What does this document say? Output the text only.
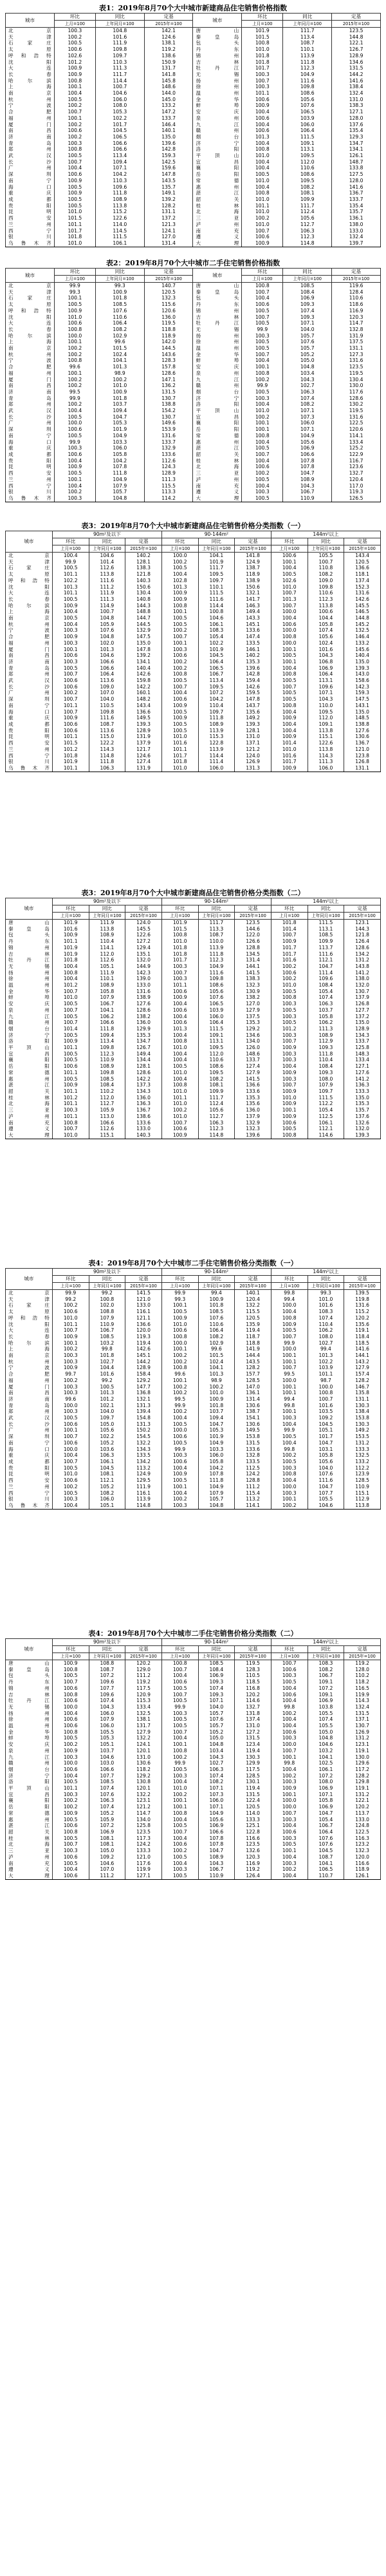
表1：2019年8月70个大中城市新建商品住宅销售价格指数
城市	环比	同比	定基	城市	环比	同比	定基
	上月=100	上年同月=100	2015年=100		上月=100	上年同月=100	2015年=100
北　京	100.3	104.8	142.1	唐　山	101.9	111.7	123.5
天　津	100.2	101.6	124.6	秦皇岛	101.5	113.4	144.8
石家庄	100.5	111.9	138.1	包　头	100.8	108.7	122.1
太　原	100.6	109.8	119.2	丹　东	101.0	110.1	126.7
呼和浩特	102.6	109.7	138.6	锦　州	101.8	113.9	128.9
沈　阳	101.2	110.3	150.9	吉　林	101.8	111.8	134.6
大　连	100.9	111.3	131.7	牡丹江	101.7	112.3	131.5
长　春	100.9	111.7	141.8	无　锡	100.3	104.9	144.2
哈尔滨	100.8	114.4	145.8	扬　州	100.7	111.6	141.6
上　海	100.1	100.7	148.6	徐　州	100.3	109.8	138.4
南　京	100.4	104.6	144.0	温　州	101.1	108.6	132.4
杭　州	100.5	106.0	145.0	金　华	100.6	105.6	131.0
宁　波	100.2	108.0	133.2	蚌　埠	100.9	107.6	138.3
合　肥	100.7	105.3	147.2	安　庆	100.4	106.5	127.1
福　州	100.1	102.2	133.7	泉　州	100.6	103.9	128.0
厦　门	100.2	101.7	146.4	九　江	100.4	106.0	137.6
南　昌	100.6	104.5	140.1	赣　州	100.6	106.4	135.4
济　南	100.2	106.5	135.0	烟　台	101.3	111.5	129.3
青　岛	100.3	106.6	139.6	济　宁	100.4	109.1	134.7
郑　州	100.8	106.6	142.8	洛　阳	100.8	113.1	134.1
武　汉	100.5	113.4	159.3	平顶山	101.0	109.5	126.1
长　沙	100.7	109.4	142.5	宜　昌	100.4	112.0	148.7
广　州	100.4	107.1	159.6	襄　阳	100.4	110.6	133.8
深　圳	100.6	104.2	147.8	岳　阳	100.5	108.6	127.5
南　宁	100.9	110.3	143.5	常　德	101.0	109.5	128.0
海　口	100.5	109.6	135.7	惠　州	100.4	108.2	141.6
重　庆	100.9	111.8	149.1	湛　江	100.8	108.1	136.7
成　都	100.5	108.9	139.2	韶　关	101.0	109.9	133.7
贵　阳	100.5	113.8	128.2	桂　林	101.1	111.7	135.4
昆　明	101.0	115.2	131.1	北　海	101.0	112.4	135.7
西　安	101.5	122.6	137.2	三　亚	100.2	105.6	136.1
兰　州	101.1	114.0	121.3	泸　州	101.0	112.7	138.0
西　宁	101.7	114.5	124.1	南　充	100.7	106.3	133.0
银　川	101.8	111.5	127.0	遵　义	100.6	112.3	132.4
乌鲁木齐	101.0	106.1	131.4	大　理	100.9	114.8	139.7
表2：2019年8月70个大中城市二手住宅销售价格指数
城市	环比	同比	定基	城市	环比	同比	定基
	上月=100	上年同月=100	2015年=100		上月=100	上年同月=100	2015年=100
北　京	99.9	99.3	140.7	唐　山	100.8	108.5	119.6
天　津	99.3	100.9	120.5	秦皇岛	100.7	108.4	128.4
石家庄	100.1	101.8	132.3	包　头	100.4	106.9	110.6
太　原	100.5	108.5	115.6	丹　东	100.6	109.3	118.6
呼和浩特	100.9	107.6	120.6	锦　州	100.5	107.4	116.9
沈　阳	101.0	110.6	136.0	吉　林	100.7	109.3	120.3
大　连	100.6	106.4	119.5	牡丹江	100.5	107.1	114.7
长　春	100.8	108.2	118.8	无　锡	99.9	104.0	132.8
哈尔滨	100.0	102.9	118.9	扬　州	100.3	105.7	131.9
上　海	100.1	99.6	142.0	徐　州	100.5	107.6	137.5
南　京	100.2	101.5	144.5	温　州	100.5	105.7	131.1
杭　州	100.2	102.4	143.6	金　华	100.7	105.2	127.3
宁　波	100.8	104.1	128.3	蚌　埠	100.4	105.0	131.6
合　肥	99.6	101.3	157.8	安　庆	100.1	104.8	123.5
福　州	100.1	98.9	128.6	泉　州	100.8	103.4	119.5
厦　门	100.2	100.2	147.1	九　江	100.2	104.3	130.4
南　昌	100.2	101.0	136.2	赣　州	99.9	102.7	130.0
济　南	99.5	100.9	131.5	烟　台	100.5	106.3	117.6
青　岛	99.9	101.8	130.7	济　宁	100.3	107.4	128.6
郑　州	100.2	103.7	138.8	洛　阳	100.4	108.2	130.2
武　汉	100.4	109.4	154.2	平顶山	101.0	107.1	119.5
长　沙	100.5	104.7	130.7	宜　昌	100.2	107.3	131.6
广　州	100.0	105.3	149.6	襄　阳	100.1	106.0	122.5
深　圳	100.6	101.9	153.9	岳　阳	100.1	107.1	120.6
南　宁	100.5	104.9	131.6	常　德	100.8	104.9	114.1
海　口	99.9	103.3	133.7	惠　州	100.4	105.6	133.4
重　庆	100.3	106.0	132.9	湛　江	100.5	106.9	125.2
成　都	100.6	105.8	133.6	韶　关	100.7	106.6	122.9
贵　阳	100.4	104.2	112.6	桂　林	100.4	107.8	116.7
昆　明	100.9	107.8	124.3	北　海	100.6	107.8	123.6
西　安	100.5	111.8	128.9	三　亚	100.2	104.7	132.7
兰　州	100.1	104.9	111.3	泸　州	100.5	108.9	120.4
西　宁	100.4	107.9	115.5	南　充	100.4	104.3	117.0
银　川	100.2	105.7	113.3	遵　义	100.3	106.7	119.3
乌鲁木齐	100.3	104.8	114.2	大　理	100.5	110.9	126.5
表3：2019年8月70个大中城市新建商品住宅销售价格分类指数（一）
城市	90m²及以下			90-144m²			144m²以上		
	环比	同比	定基	环比	同比	定基	环比	同比	定基
	上月=100	上年同月=100	2015年=100	上月=100	上年同月=100	2015年=100	上月=100	上年同月=100	2015年=100
北　京	100.4	104.6	140.2	100.0	104.1	141.8	100.6	105.5	143.4
天　津	99.9	101.4	128.1	100.2	101.9	124.9	100.1	100.7	120.5
石家庄	100.5	112.6	138.3	100.5	111.7	138.7	100.4	110.8	136.6
太　原	101.1	113.8	121.8	100.4	109.5	118.9	100.5	108.2	118.1
呼和浩特	102.2	111.6	140.3	102.8	109.7	138.9	102.6	109.0	137.4
沈　阳	101.3	111.2	150.6	101.3	110.1	150.6	101.0	109.8	152.3
大　连	101.1	111.9	130.4	100.9	111.5	132.1	100.7	110.6	131.6
长　春	100.5	111.3	140.8	100.9	111.6	141.7	101.3	112.3	142.6
哈尔滨	100.9	114.9	144.3	100.8	114.4	146.3	100.7	113.8	145.5
上　海	100.4	100.7	148.8	100.1	100.8	149.4	100.0	100.6	146.5
南　京	100.5	104.8	144.7	100.5	104.6	143.3	100.4	104.4	144.8
杭　州	100.4	105.9	144.5	100.5	106.1	145.1	100.6	105.8	145.2
宁　波	100.3	107.6	132.9	100.2	108.3	133.6	100.0	107.4	132.5
合　肥	100.9	104.8	147.5	100.7	105.4	147.4	100.8	105.6	146.4
福　州	100.3	102.0	135.0	100.1	102.2	133.5	100.0	102.4	133.2
厦　门	100.1	101.3	147.8	100.3	101.9	146.1	100.1	101.6	145.6
南　昌	100.6	104.6	139.2	100.6	104.5	140.2	100.5	104.3	140.4
济　南	100.3	106.6	134.1	100.2	106.4	135.3	100.1	106.8	135.0
青　岛	100.5	106.6	140.4	100.2	106.5	139.6	100.4	106.9	139.3
郑　州	100.7	106.4	142.6	100.8	106.7	142.8	100.8	106.4	143.0
武　汉	100.6	113.6	159.8	100.5	113.4	159.4	100.5	113.1	158.6
长　沙	100.6	109.0	142.2	100.7	109.5	142.6	100.7	109.6	142.3
广　州	100.2	107.0	160.1	100.4	107.2	159.5	100.5	107.1	159.3
深　圳	100.7	104.0	148.2	100.6	104.2	147.8	100.5	104.3	147.5
南　宁	101.1	110.5	143.4	100.9	110.4	143.7	100.8	110.0	143.1
海　口	100.7	109.8	136.6	100.5	109.7	135.6	100.4	109.5	135.0
重　庆	100.9	111.6	149.5	100.9	111.8	149.2	100.9	112.0	148.5
成　都	100.6	108.7	139.3	100.5	108.9	139.3	100.4	109.1	138.8
贵　阳	100.6	113.6	128.9	100.5	113.9	128.1	100.4	113.8	127.6
昆　明	101.1	115.0	131.9	101.0	115.3	131.0	100.9	115.1	130.6
西　安	101.5	122.2	137.9	101.6	122.8	137.1	101.4	122.6	136.7
兰　州	101.2	114.3	121.7	101.1	113.9	121.2	101.0	113.8	121.0
西　宁	101.8	114.8	124.6	101.7	114.4	124.0	101.6	114.3	123.8
银　川	101.9	111.8	127.4	101.8	111.4	126.9	101.7	111.3	126.8
乌鲁木齐	101.1	106.3	131.9	101.0	106.0	131.3	100.9	106.0	131.1
表3：2019年8月70个大中城市新建商品住宅销售价格分类指数（二）
城市	90m²及以下			90-144m²			144m²以上		
	环比	同比	定基	环比	同比	定基	环比	同比	定基
	上月=100	上年同月=100	2015年=100	上月=100	上年同月=100	2015年=100	上月=100	上年同月=100	2015年=100
唐　山	101.9	111.9	124.0	101.9	111.7	123.5	101.8	111.5	123.1
秦皇岛	101.6	113.8	145.5	101.5	113.3	144.6	101.4	113.1	144.3
包　头	100.9	108.9	122.6	100.8	108.7	122.0	100.7	108.5	121.8
丹　东	101.1	110.4	127.2	101.0	110.0	126.6	100.9	109.9	126.4
锦　州	101.9	114.1	129.4	101.8	113.9	128.8	101.7	113.7	128.6
吉　林	101.9	112.0	135.1	101.8	111.8	134.5	101.7	111.6	134.2
牡丹江	101.8	112.6	132.0	101.7	112.3	131.4	101.6	112.1	131.2
无　锡	100.4	105.1	144.9	100.3	104.9	144.1	100.2	104.7	143.8
扬　州	100.8	111.9	142.3	100.7	111.6	141.5	100.6	111.4	141.2
徐　州	100.4	110.1	139.0	100.3	109.8	138.3	100.2	109.6	138.0
温　州	101.2	108.9	133.0	101.1	108.6	132.3	101.0	108.4	132.0
金　华	100.7	105.8	131.6	100.6	105.6	130.9	100.5	105.4	130.7
蚌　埠	101.0	107.9	138.9	100.9	107.6	138.2	100.8	107.4	137.9
安　庆	100.5	106.7	127.6	100.4	106.5	127.0	100.3	106.3	126.8
泉　州	100.7	104.1	128.6	100.6	103.9	127.9	100.5	103.7	127.7
九　江	100.5	106.2	138.2	100.4	106.0	137.5	100.3	105.8	137.2
赣　州	100.7	106.6	136.0	100.6	106.4	135.3	100.5	106.2	135.0
烟　台	101.4	111.8	129.9	101.3	111.5	129.2	101.2	111.3	128.9
济　宁	100.5	109.4	135.3	100.4	109.1	134.6	100.3	108.9	134.3
洛　阳	100.9	113.4	134.7	100.8	113.1	134.0	100.7	112.9	133.7
平顶山	101.1	109.8	126.7	101.0	109.5	126.0	100.9	109.3	125.8
宜　昌	100.5	112.3	149.4	100.4	112.0	148.6	100.3	111.8	148.3
襄　阳	100.5	110.9	134.4	100.4	110.6	133.7	100.3	110.4	133.4
岳　阳	100.6	108.9	128.1	100.5	108.6	127.4	100.4	108.4	127.1
常　德	101.1	109.8	128.6	101.0	109.5	127.9	100.9	109.3	127.6
惠　州	100.5	108.5	142.2	100.4	108.2	141.5	100.3	108.0	141.2
湛　江	100.9	108.4	137.3	100.8	108.1	136.6	100.7	107.9	136.3
韶　关	101.1	110.2	134.3	101.0	109.9	133.6	100.9	109.7	133.3
桂　林	101.2	112.0	136.0	101.1	111.7	135.3	101.0	111.5	135.0
北　海	101.1	112.7	136.3	101.0	112.4	135.6	100.9	112.2	135.3
三　亚	100.3	105.9	136.7	100.2	105.6	136.0	100.1	105.4	135.7
泸　州	101.1	113.0	138.6	101.0	112.7	137.9	100.9	112.5	137.6
南　充	100.8	106.6	133.6	100.7	106.3	132.9	100.6	106.1	132.6
遵　义	100.7	112.6	133.0	100.6	112.3	132.3	100.5	112.1	132.0
大　理	101.0	115.1	140.3	100.9	114.8	139.6	100.8	114.6	139.3
表4：2019年8月70个大中城市二手住宅销售价格分类指数（一）
城市	90m²及以下			90-144m²			144m²以上		
	环比	同比	定基	环比	同比	定基	环比	同比	定基
	上月=100	上年同月=100	2015年=100	上月=100	上年同月=100	2015年=100	上月=100	上年同月=100	2015年=100
北　京	99.9	99.2	141.5	99.9	99.4	140.1	99.8	99.3	139.5
天　津	99.2	100.8	121.0	99.3	100.9	120.4	99.4	101.0	119.8
石家庄	100.2	102.0	133.0	100.1	101.8	132.2	100.0	101.6	131.6
太　原	100.6	108.8	116.1	100.5	108.5	115.5	100.4	108.3	115.2
呼和浩特	101.0	107.9	121.1	100.9	107.6	120.5	100.8	107.4	120.2
沈　阳	101.1	110.9	136.6	101.0	110.6	135.9	100.9	110.4	135.6
大　连	100.7	106.7	120.0	100.6	106.4	119.4	100.5	106.2	119.1
长　春	100.9	108.5	119.3	100.8	108.2	118.7	100.7	108.0	118.4
哈尔滨	100.1	103.2	119.4	100.0	102.9	118.8	99.9	102.7	118.5
上　海	100.2	99.8	142.6	100.1	99.6	141.9	100.0	99.4	141.6
南　京	100.3	101.8	145.1	100.2	101.5	144.4	100.1	101.3	144.1
杭　州	100.3	102.7	144.2	100.2	102.4	143.5	100.1	102.2	143.2
宁　波	100.9	104.4	128.9	100.8	104.1	128.2	100.7	103.9	127.9
合　肥	99.7	101.6	158.4	99.6	101.3	157.7	99.5	101.1	157.4
福　州	100.2	99.2	129.2	100.1	98.9	128.5	100.0	98.7	128.2
厦　门	100.3	100.5	147.7	100.2	100.2	147.0	100.1	100.0	146.7
南　昌	100.3	101.3	136.8	100.2	101.0	136.1	100.1	100.8	135.8
济　南	99.6	101.2	132.1	99.5	100.9	131.4	99.4	100.7	131.1
青　岛	100.0	102.1	131.3	99.9	101.8	130.6	99.8	101.6	130.3
郑　州	100.3	104.0	139.4	100.2	103.7	138.7	100.1	103.5	138.4
武　汉	100.5	109.7	154.8	100.4	109.4	154.1	100.3	109.2	153.8
长　沙	100.6	105.0	131.3	100.5	104.7	130.6	100.4	104.5	130.3
广　州	100.1	105.6	150.2	100.0	105.3	149.5	99.9	105.1	149.2
深　圳	100.7	102.2	154.5	100.6	101.9	153.8	100.5	101.7	153.5
南　宁	100.6	105.2	132.2	100.5	104.9	131.5	100.4	104.7	131.2
海　口	100.0	103.6	134.3	99.9	103.3	133.6	99.8	103.1	133.3
重　庆	100.4	106.3	133.5	100.3	106.0	132.8	100.2	105.8	132.5
成　都	100.7	106.1	134.2	100.6	105.8	133.5	100.5	105.6	133.2
贵　阳	100.5	104.5	113.2	100.4	104.2	112.5	100.3	104.0	112.2
昆　明	101.0	108.1	124.9	100.9	107.8	124.2	100.8	107.6	123.9
西　安	100.6	112.1	129.5	100.5	111.8	128.8	100.4	111.6	128.5
兰　州	100.2	105.2	111.9	100.1	104.9	111.2	100.0	104.7	110.9
西　宁	100.5	108.2	116.1	100.4	107.9	115.4	100.3	107.7	115.1
银　川	100.3	106.0	113.9	100.2	105.7	113.2	100.1	105.5	112.9
乌鲁木齐	100.4	105.1	114.8	100.3	104.8	114.1	100.2	104.6	113.8
表4：2019年8月70个大中城市二手住宅销售价格分类指数（二）
城市	90m²及以下			90-144m²			144m²以上		
	环比	同比	定基	环比	同比	定基	环比	同比	定基
	上月=100	上年同月=100	2015年=100	上月=100	上年同月=100	2015年=100	上月=100	上年同月=100	2015年=100
唐　山	100.9	108.8	120.2	100.8	108.5	119.5	100.7	108.3	119.2
秦皇岛	100.8	108.7	129.0	100.7	108.4	128.3	100.6	108.2	128.0
包　头	100.5	107.2	111.2	100.4	106.9	110.5	100.3	106.7	110.2
丹　东	100.7	109.6	119.2	100.6	109.3	118.5	100.5	109.1	118.2
锦　州	100.6	107.7	117.5	100.5	107.4	116.8	100.4	107.2	116.5
吉　林	100.8	109.6	120.9	100.7	109.3	120.2	100.6	109.1	119.9
牡丹江	100.6	107.4	115.3	100.5	107.1	114.6	100.4	106.9	114.3
无　锡	100.0	104.3	133.4	99.9	104.0	132.7	99.8	103.8	132.4
扬　州	100.4	106.0	132.5	100.3	105.7	131.8	100.2	105.5	131.5
徐　州	100.6	107.9	138.1	100.5	107.6	137.4	100.4	107.4	137.1
温　州	100.6	106.0	131.7	100.5	105.7	131.0	100.4	105.5	130.7
金　华	100.8	105.5	127.9	100.7	105.2	127.2	100.6	105.0	126.9
蚌　埠	100.5	105.3	132.2	100.4	105.0	131.5	100.3	104.8	131.2
安　庆	100.2	105.1	124.1	100.1	104.8	123.4	100.0	104.6	123.1
泉　州	100.9	103.7	120.1	100.8	103.4	119.4	100.7	103.2	119.1
九　江	100.3	104.6	131.0	100.2	104.3	130.3	100.1	104.1	130.0
赣　州	100.0	103.0	130.6	99.9	102.7	129.9	99.8	102.5	129.6
烟　台	100.6	106.6	118.2	100.5	106.3	117.5	100.4	106.1	117.2
济　宁	100.4	107.7	129.2	100.3	107.4	128.5	100.2	107.2	128.2
洛　阳	100.5	108.5	130.8	100.4	108.2	130.1	100.3	108.0	129.8
平顶山	101.1	107.4	120.1	101.0	107.1	119.4	100.9	106.9	119.1
宜　昌	100.3	107.6	132.2	100.2	107.3	131.5	100.1	107.1	131.2
襄　阳	100.2	106.3	123.1	100.1	106.0	122.4	100.0	105.8	122.1
岳　阳	100.2	107.4	121.2	100.1	107.1	120.5	100.0	106.9	120.2
常　德	100.9	105.2	114.7	100.8	104.9	114.0	100.7	104.7	113.7
惠　州	100.5	105.9	134.0	100.4	105.6	133.3	100.3	105.4	133.0
湛　江	100.6	107.2	125.8	100.5	106.9	125.1	100.4	106.7	124.8
韶　关	100.8	106.9	123.5	100.7	106.6	122.8	100.6	106.4	122.5
桂　林	100.5	108.1	117.3	100.4	107.8	116.6	100.3	107.6	116.3
北　海	100.7	108.1	124.2	100.6	107.8	123.5	100.5	107.6	123.2
三　亚	100.3	105.0	133.3	100.2	104.7	132.6	100.1	104.5	132.3
泸　州	100.6	109.2	121.0	100.5	108.9	120.3	100.4	108.7	120.0
南　充	100.5	104.6	117.6	100.4	104.3	116.9	100.3	104.1	116.6
遵　义	100.4	107.0	119.9	100.3	106.7	119.2	100.2	106.5	118.9
大　理	100.6	111.2	127.1	100.5	110.9	126.4	100.4	110.7	126.1
